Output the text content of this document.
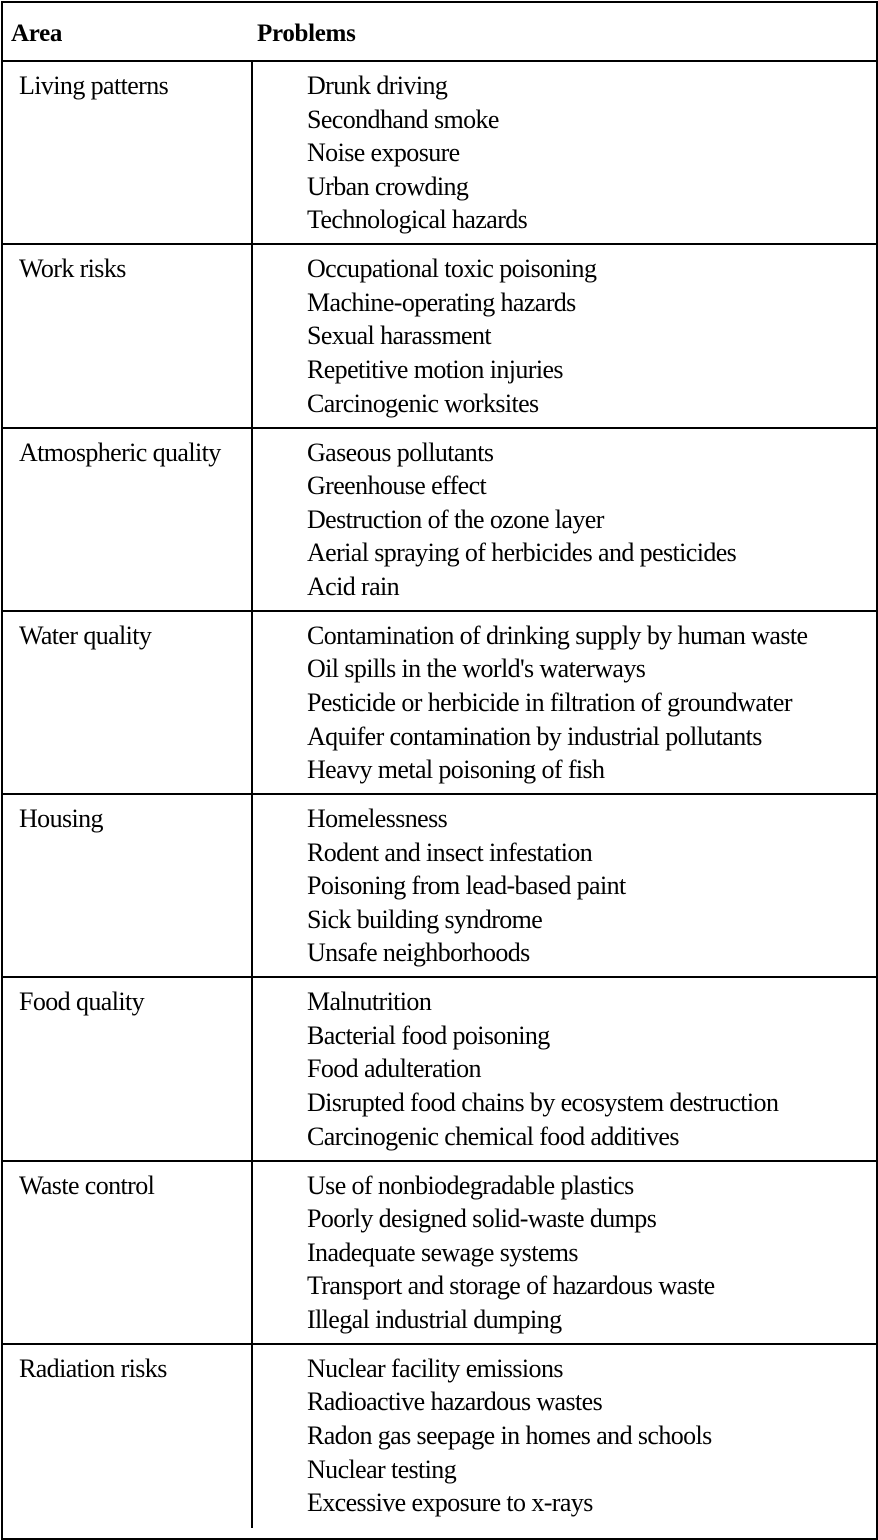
Area	Problems
Living patterns	Drunk driving
Secondhand smoke
Noise exposure
Urban crowding
Technological hazards
Work risks	Occupational toxic poisoning
Machine-operating hazards
Sexual harassment
Repetitive motion injuries
Carcinogenic worksites
Atmospheric quality	Gaseous pollutants
Greenhouse effect
Destruction of the ozone layer
Aerial spraying of herbicides and pesticides
Acid rain
Water quality	Contamination of drinking supply by human waste
Oil spills in the world's waterways
Pesticide or herbicide in filtration of groundwater
Aquifer contamination by industrial pollutants
Heavy metal poisoning of fish
Housing	Homelessness
Rodent and insect infestation
Poisoning from lead-based paint
Sick building syndrome
Unsafe neighborhoods
Food quality	Malnutrition
Bacterial food poisoning
Food adulteration
Disrupted food chains by ecosystem destruction
Carcinogenic chemical food additives
Waste control	Use of nonbiodegradable plastics
Poorly designed solid-waste dumps
Inadequate sewage systems
Transport and storage of hazardous waste
Illegal industrial dumping
Radiation risks	Nuclear facility emissions
Radioactive hazardous wastes
Radon gas seepage in homes and schools
Nuclear testing
Excessive exposure to x-rays
